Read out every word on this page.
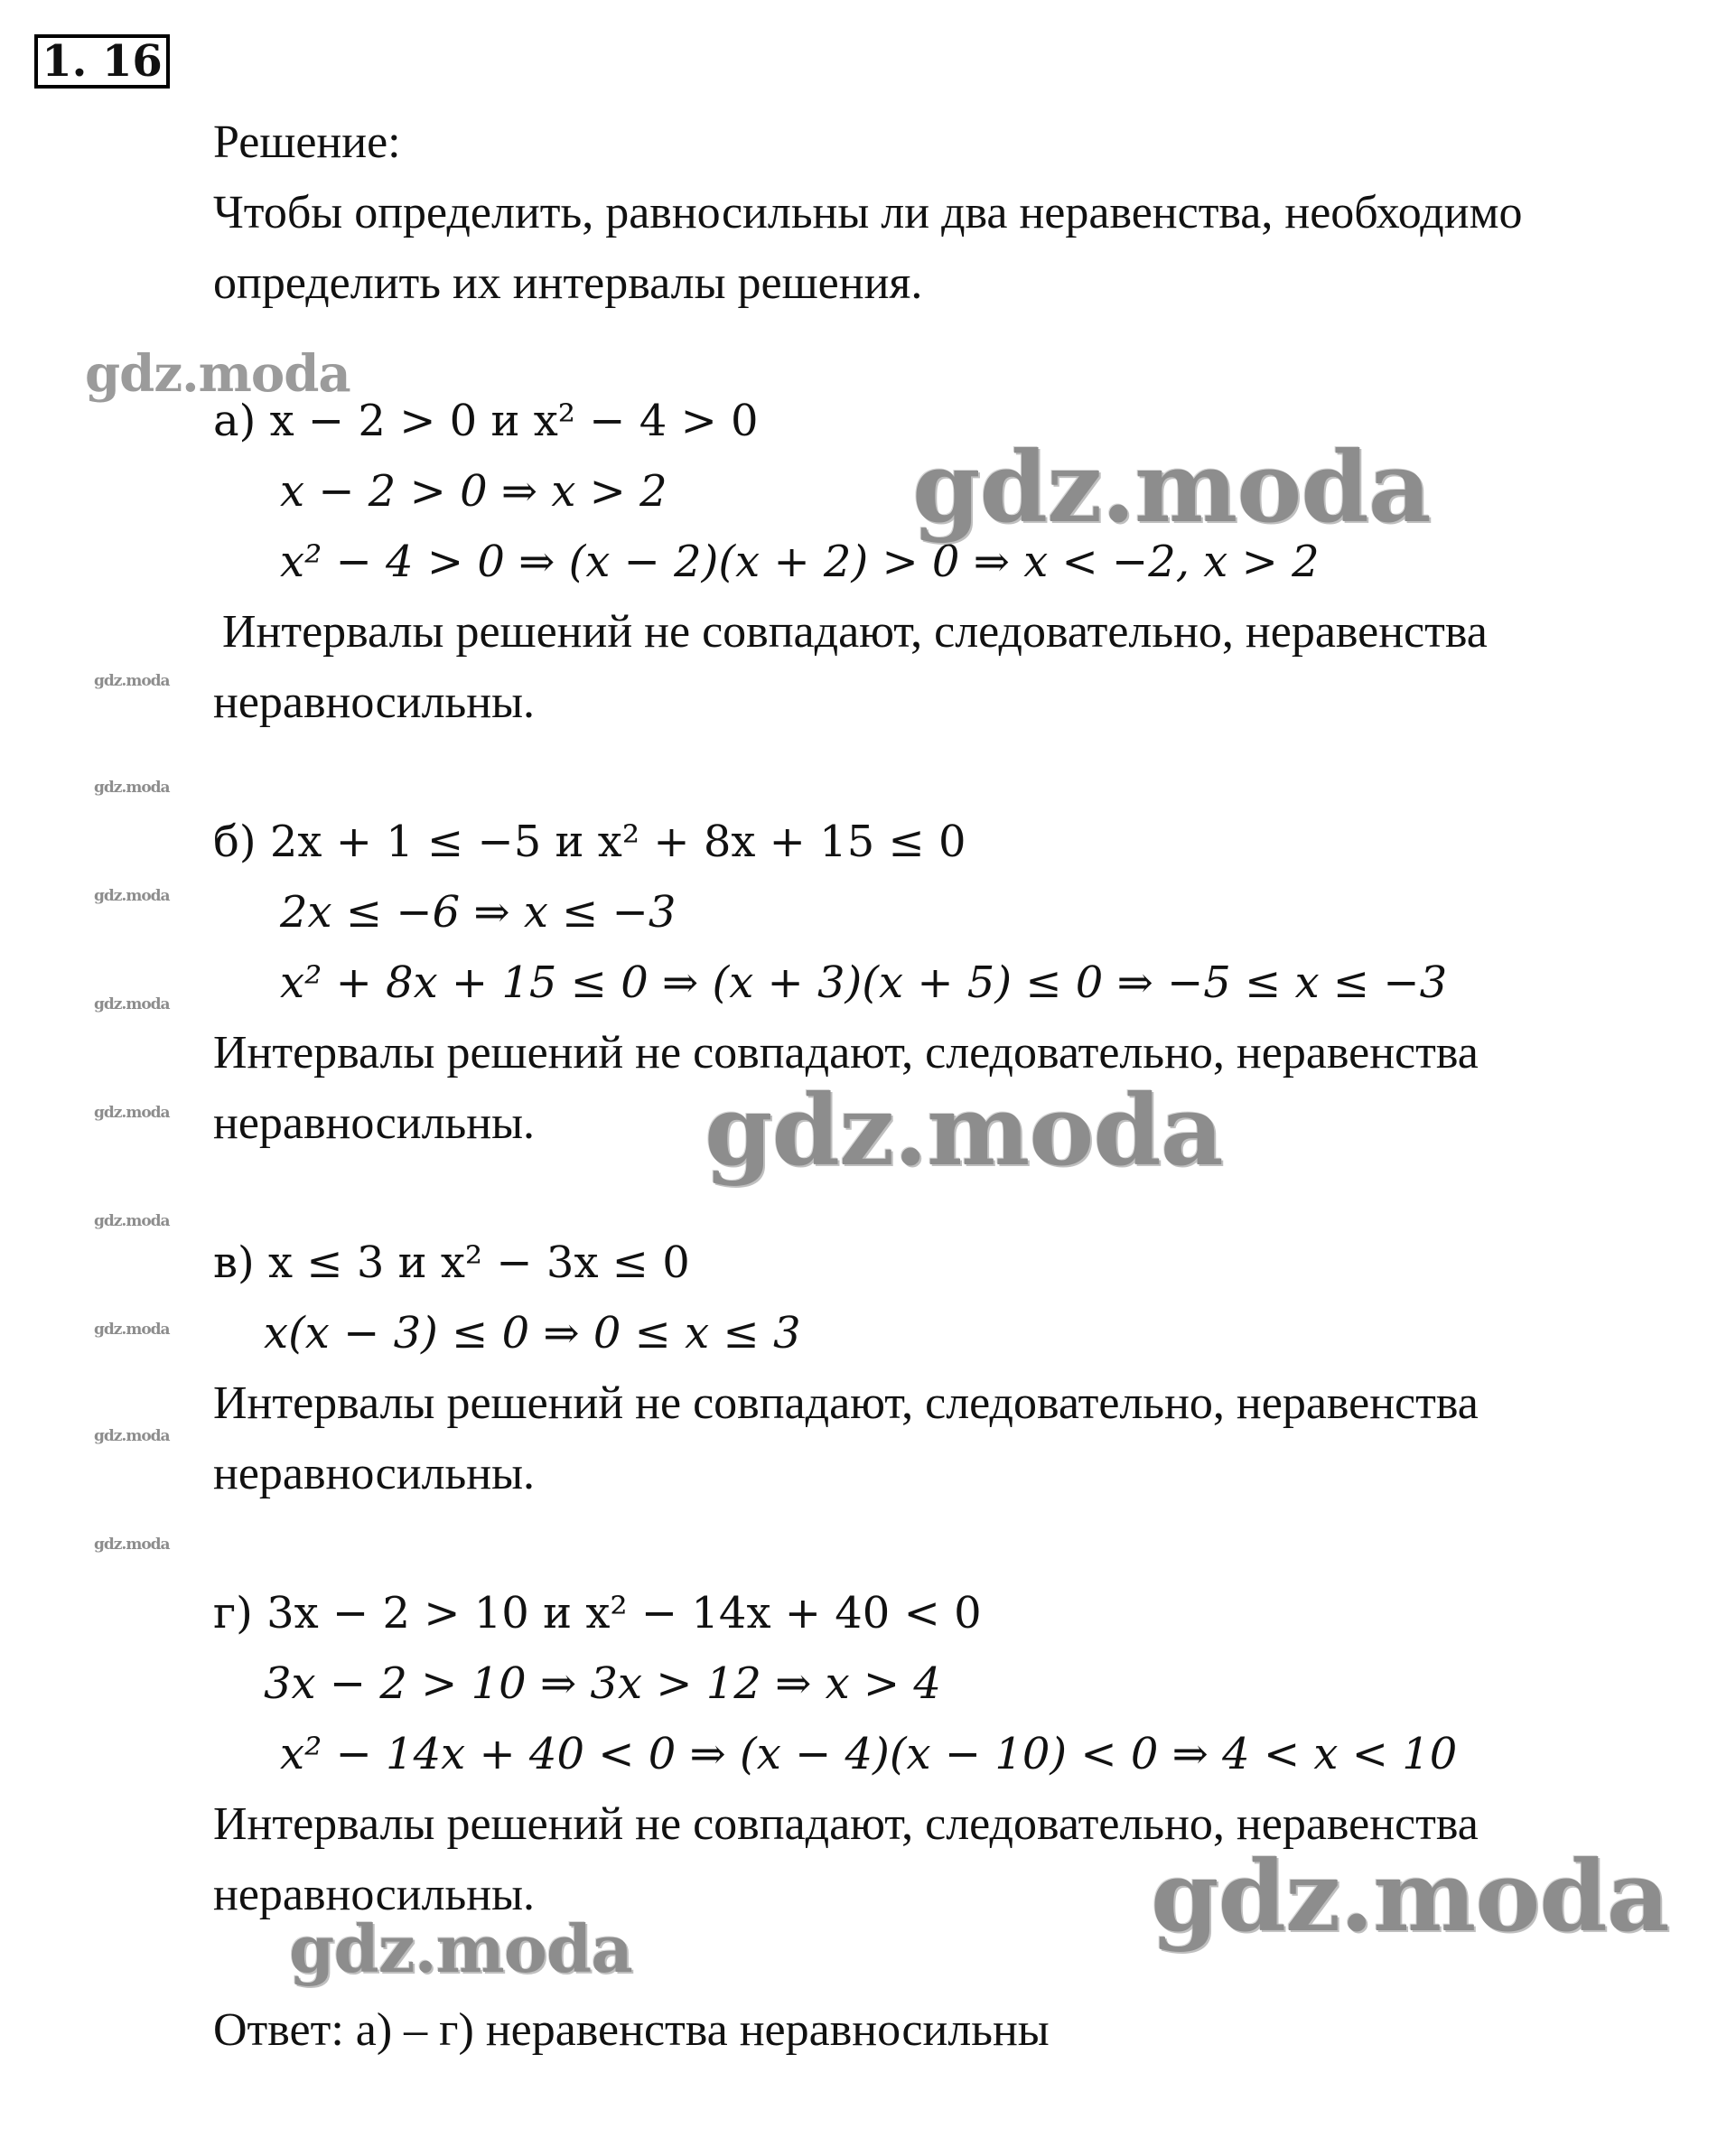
1. 16
Решение:
Чтобы определить, равносильны ли два неравенства, необходимо
определить их интервалы решения.
а) x − 2 > 0 и x² − 4 > 0
x − 2 > 0 ⇒ x > 2
x² − 4 > 0 ⇒ (x − 2)(x + 2) > 0 ⇒ x < −2, x > 2
Интервалы решений не совпадают, следовательно, неравенства
неравносильны.
б) 2x + 1 ≤ −5 и x² + 8x + 15 ≤ 0
2x ≤ −6 ⇒ x ≤ −3
x² + 8x + 15 ≤ 0 ⇒ (x + 3)(x + 5) ≤ 0 ⇒ −5 ≤ x ≤ −3
Интервалы решений не совпадают, следовательно, неравенства
неравносильны.
в) x ≤ 3 и x² − 3x ≤ 0
x(x − 3) ≤ 0 ⇒ 0 ≤ x ≤ 3
Интервалы решений не совпадают, следовательно, неравенства
неравносильны.
г) 3x − 2 > 10 и x² − 14x + 40 < 0
3x − 2 > 10 ⇒ 3x > 12 ⇒ x > 4
x² − 14x + 40 < 0 ⇒ (x − 4)(x − 10) < 0 ⇒ 4 < x < 10
Интервалы решений не совпадают, следовательно, неравенства
неравносильны.
Ответ: а) – г) неравенства неравносильны
gdz.moda
gdz.moda
gdz.moda
gdz.moda
gdz.moda
gdz.moda
gdz.moda
gdz.moda
gdz.moda
gdz.moda
gdz.moda
gdz.moda
gdz.moda
gdz.moda
